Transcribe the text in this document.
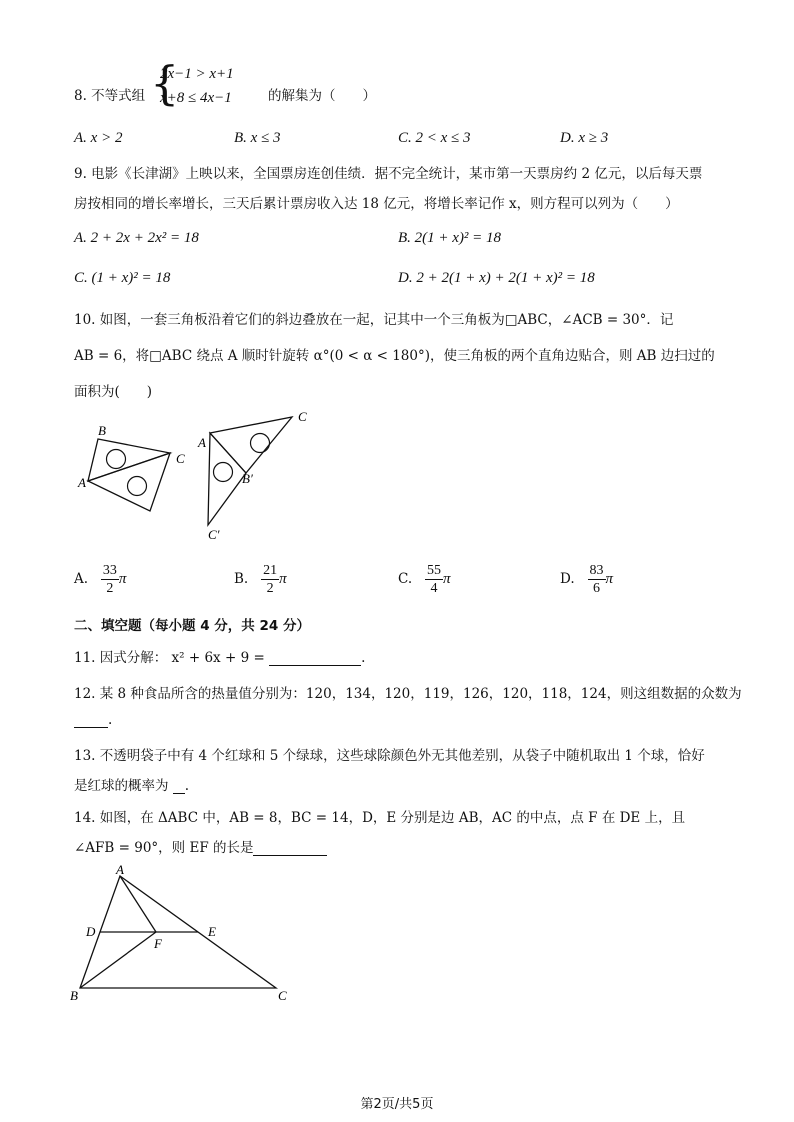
8. 不等式组 {
2x−1 > x+1
x+8 ≤ 4x−1	的解集为（　　）
A. x > 2	B. x ≤ 3	C. 2 < x ≤ 3	D. x ≥ 3
9. 电影《长津湖》上映以来，全国票房连创佳绩．据不完全统计，某市第一天票房约 2 亿元，以后每天票
房按相同的增长率增长，三天后累计票房收入达 18 亿元，将增长率记作 x，则方程可以列为（　　）
A. 2 + 2x + 2x² = 18	B. 2(1 + x)² = 18
C. (1 + x)² = 18	D. 2 + 2(1 + x) + 2(1 + x)² = 18
10. 如图，一套三角板沿着它们的斜边叠放在一起，记其中一个三角板为□ABC，∠ACB = 30°．记
AB = 6，将□ABC 绕点 A 顺时针旋转 α°(0 < α < 180°)，使三角板的两个直角边贴合，则 AB 边扫过的
面积为(　　)
B
A
C
A
C
B′
C′
A. $\frac{33}{2}$ π	B. $\frac{21}{2}$ π	C. $\frac{55}{4}$ π	D. $\frac{83}{6}$ π
二、填空题（每小题 4 分，共 24 分）
11. 因式分解： x² + 6x + 9 =	.
12. 某 8 种食品所含的热量值分别为：120，134，120，119，126，120，118，124，则这组数据的众数为
.
13. 不透明袋子中有 4 个红球和 5 个绿球，这些球除颜色外无其他差别，从袋子中随机取出 1 个球，恰好
是红球的概率为 .
14. 如图，在 ΔABC 中，AB = 8，BC = 14，D，E 分别是边 AB，AC 的中点，点 F 在 DE 上，且
∠AFB = 90°，则 EF 的长是
A
B	C
D	E
F
第2页/共5页
